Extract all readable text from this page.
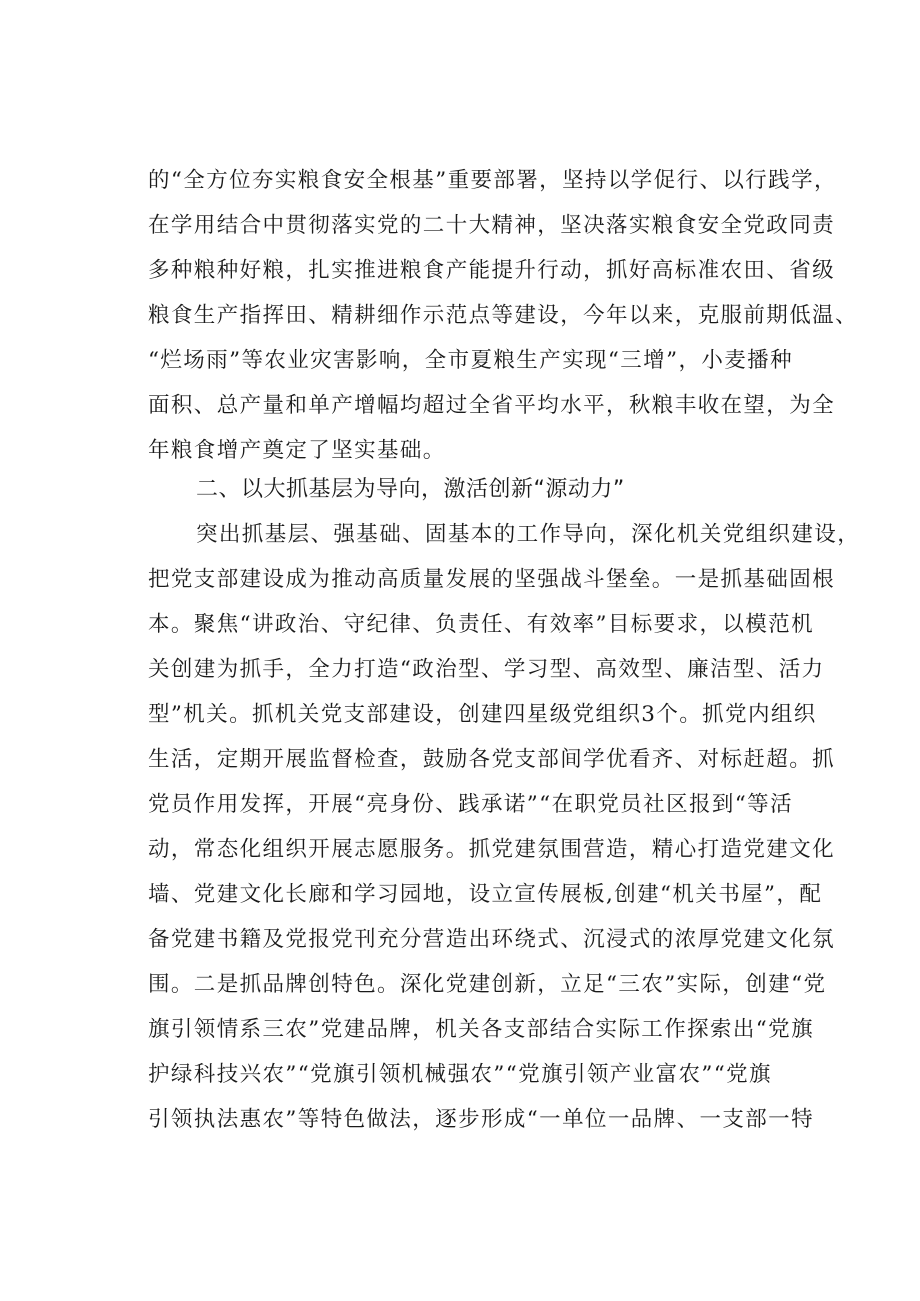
的“全方位夯实粮食安全根基”重要部署，坚持以学促行、以行践学，
在学用结合中贯彻落实党的二十大精神，坚决落实粮食安全党政同责
多种粮种好粮，扎实推进粮食产能提升行动，抓好高标准农田、省级
粮食生产指挥田、精耕细作示范点等建设，今年以来，克服前期低温、
“烂场雨”等农业灾害影响，全市夏粮生产实现“三增”，小麦播种
面积、总产量和单产增幅均超过全省平均水平，秋粮丰收在望，为全
年粮食增产奠定了坚实基础。
二、以大抓基层为导向，激活创新“源动力”
突出抓基层、强基础、固基本的工作导向，深化机关党组织建设，
把党支部建设成为推动高质量发展的坚强战斗堡垒。一是抓基础固根
本。聚焦“讲政治、守纪律、负责任、有效率”目标要求，以模范机
关创建为抓手，全力打造“政治型、学习型、高效型、廉洁型、活力
型”机关。抓机关党支部建设，创建四星级党组织3个。抓党内组织
生活，定期开展监督检查，鼓励各党支部间学优看齐、对标赶超。抓
党员作用发挥，开展“亮身份、践承诺”“在职党员社区报到“等活
动，常态化组织开展志愿服务。抓党建氛围营造，精心打造党建文化
墙、党建文化长廊和学习园地，设立宣传展板,创建“机关书屋”，配
备党建书籍及党报党刊充分营造出环绕式、沉浸式的浓厚党建文化氛
围。二是抓品牌创特色。深化党建创新，立足“三农”实际，创建“党
旗引领情系三农”党建品牌，机关各支部结合实际工作探索出“党旗
护绿科技兴农”“党旗引领机械强农”“党旗引领产业富农”“党旗
引领执法惠农”等特色做法，逐步形成“一单位一品牌、一支部一特
